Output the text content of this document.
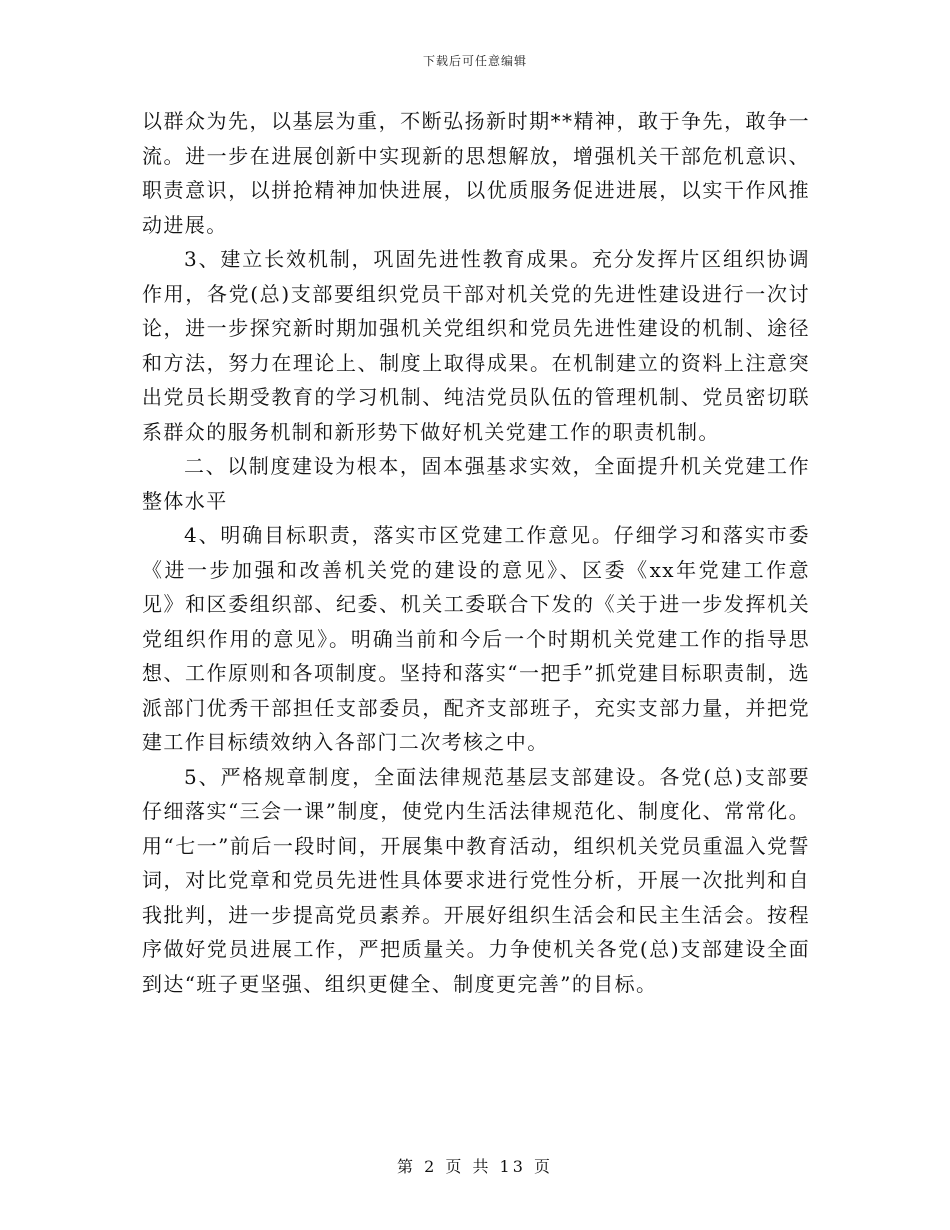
下载后可任意编辑

以群众为先，以基层为重，不断弘扬新时期**精神，敢于争先，敢争一流。进一步在进展创新中实现新的思想解放，增强机关干部危机意识、职责意识，以拼抢精神加快进展，以优质服务促进进展，以实干作风推动进展。

3、建立长效机制，巩固先进性教育成果。充分发挥片区组织协调作用，各党(总)支部要组织党员干部对机关党的先进性建设进行一次讨论，进一步探究新时期加强机关党组织和党员先进性建设的机制、途径和方法，努力在理论上、制度上取得成果。在机制建立的资料上注意突出党员长期受教育的学习机制、纯洁党员队伍的管理机制、党员密切联系群众的服务机制和新形势下做好机关党建工作的职责机制。

二、以制度建设为根本，固本强基求实效，全面提升机关党建工作整体水平

4、明确目标职责，落实市区党建工作意见。仔细学习和落实市委《进一步加强和改善机关党的建设的意见》、区委《xx年党建工作意见》和区委组织部、纪委、机关工委联合下发的《关于进一步发挥机关党组织作用的意见》。明确当前和今后一个时期机关党建工作的指导思想、工作原则和各项制度。坚持和落实“一把手”抓党建目标职责制，选派部门优秀干部担任支部委员，配齐支部班子，充实支部力量，并把党建工作目标绩效纳入各部门二次考核之中。

5、严格规章制度，全面法律规范基层支部建设。各党(总)支部要仔细落实“三会一课”制度，使党内生活法律规范化、制度化、常常化。用“七一”前后一段时间，开展集中教育活动，组织机关党员重温入党誓词，对比党章和党员先进性具体要求进行党性分析，开展一次批判和自我批判，进一步提高党员素养。开展好组织生活会和民主生活会。按程序做好党员进展工作，严把质量关。力争使机关各党(总)支部建设全面到达“班子更坚强、组织更健全、制度更完善”的目标。

第 2 页 共 13 页
